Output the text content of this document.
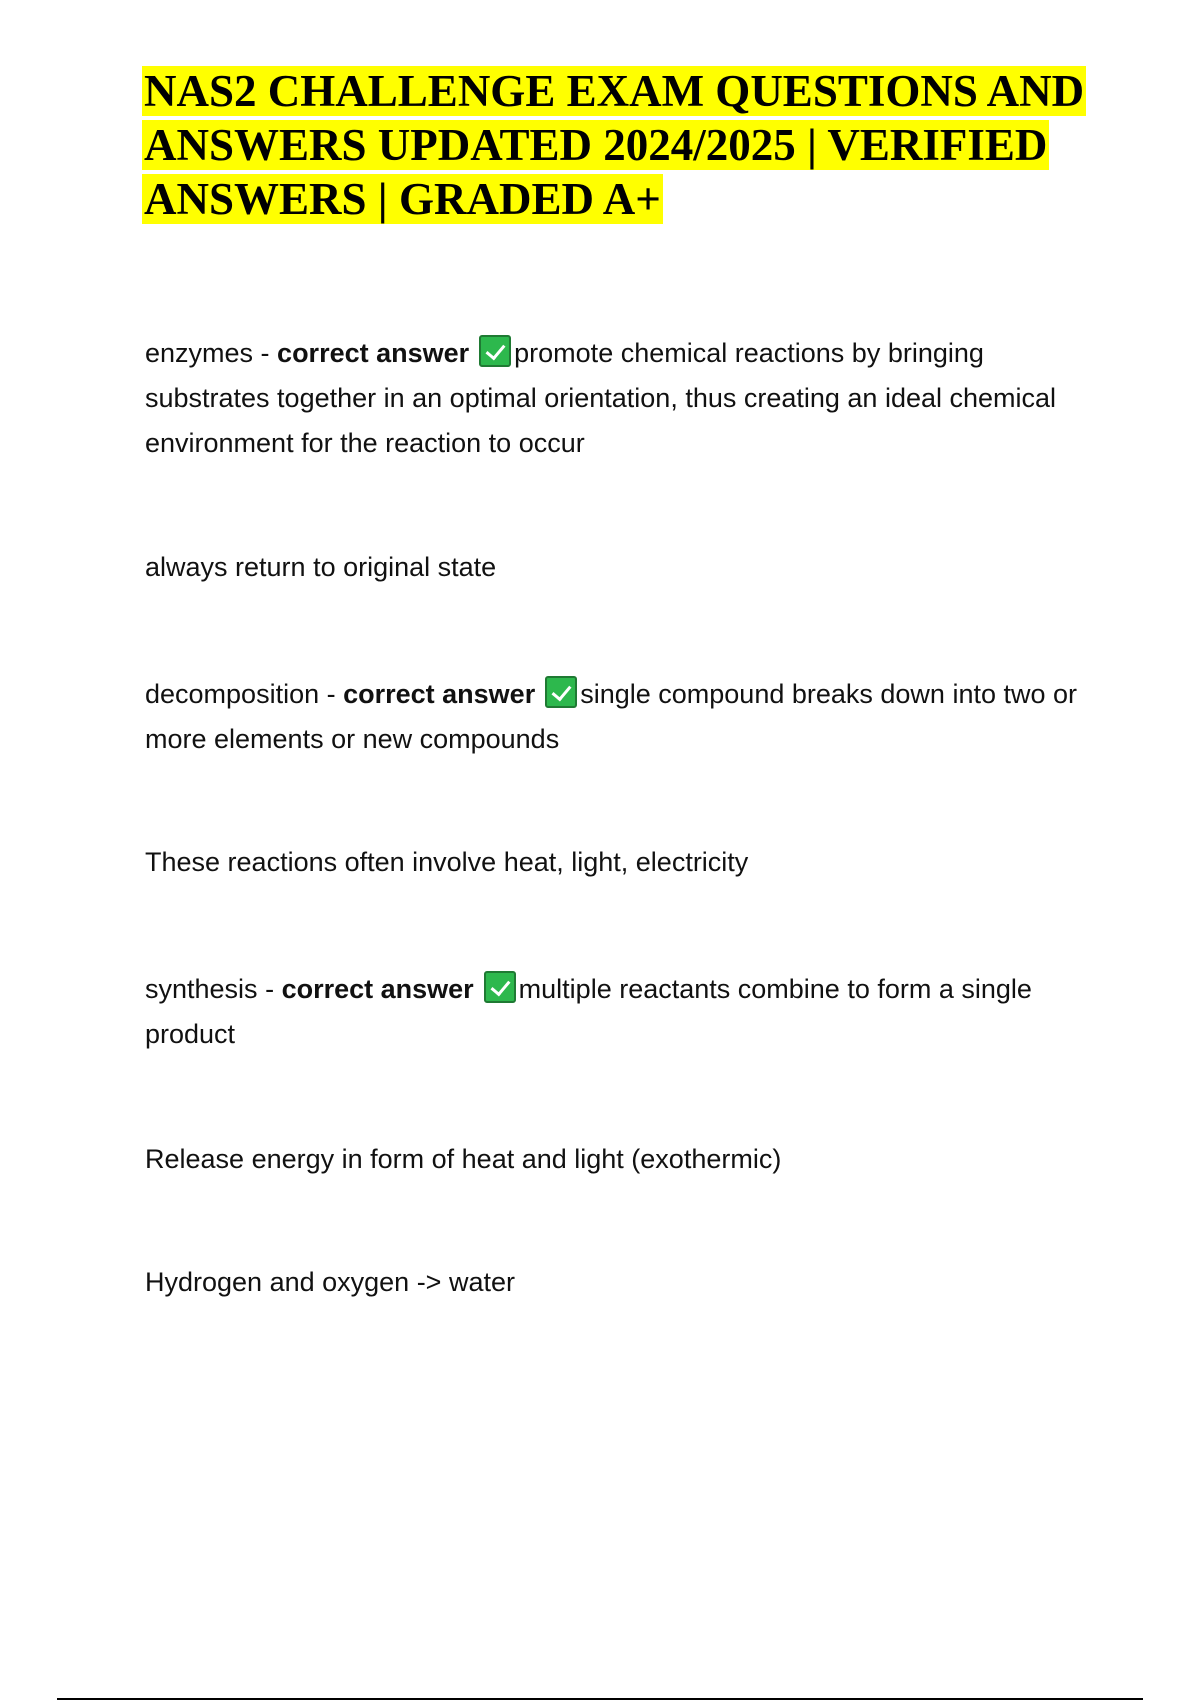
NAS2 CHALLENGE EXAM QUESTIONS AND ANSWERS UPDATED 2024/2025 | VERIFIED ANSWERS | GRADED A+
enzymes - correct answer promote chemical reactions by bringing substrates together in an optimal orientation, thus creating an ideal chemical environment for the reaction to occur
always return to original state
decomposition - correct answer single compound breaks down into two or more elements or new compounds
These reactions often involve heat, light, electricity
synthesis - correct answer multiple reactants combine to form a single product
Release energy in form of heat and light (exothermic)
Hydrogen and oxygen -> water
